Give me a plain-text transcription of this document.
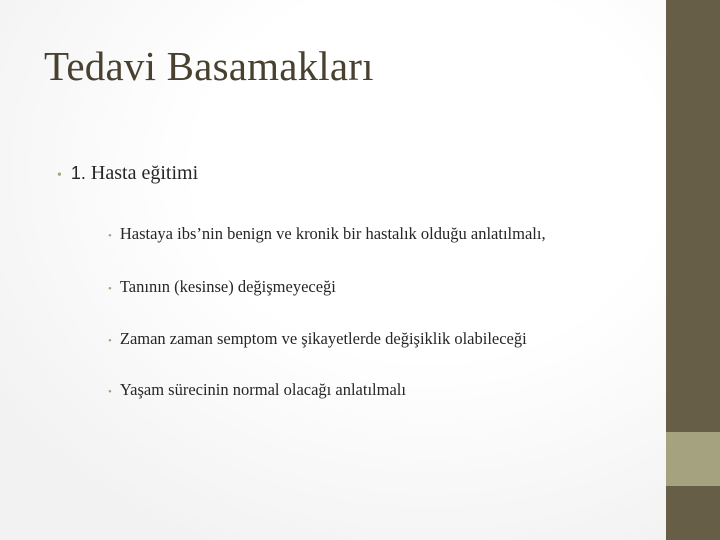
Tedavi Basamakları
• 1. Hasta eğitimi
• Hastaya ibs’nin benign ve kronik bir hastalık olduğu anlatılmalı,
• Tanının (kesinse) değişmeyeceği
• Zaman zaman semptom ve şikayetlerde değişiklik olabileceği
• Yaşam sürecinin normal olacağı anlatılmalı
